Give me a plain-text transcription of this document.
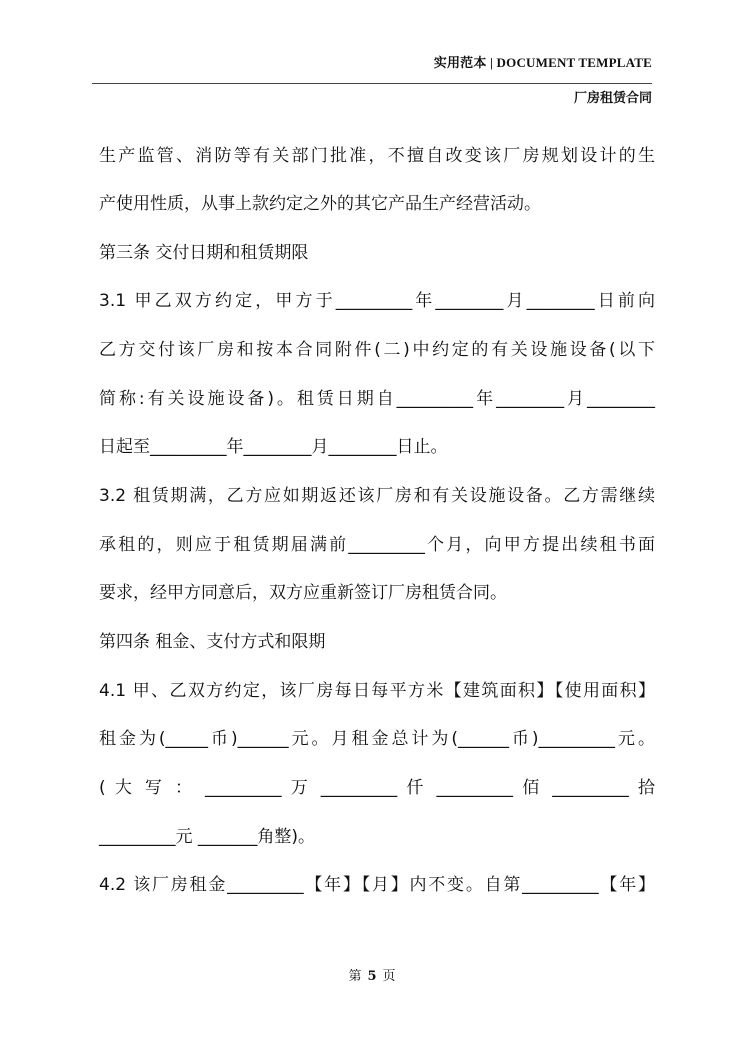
实用范本 | DOCUMENT TEMPLATE
厂房租赁合同
生产监管、消防等有关部门批准，不擅自改变该厂房规划设计的生
产使用性质，从事上款约定之外的其它产品生产经营活动。
第三条 交付日期和租赁期限
3.1 甲乙双方约定，甲方于_________年________月________日前向
乙方交付该厂房和按本合同附件(二)中约定的有关设施设备(以下
简称:有关设施设备)。租赁日期自_________年________月________
日起至_________年________月________日止。
3.2 租赁期满，乙方应如期返还该厂房和有关设施设备。乙方需继续
承租的，则应于租赁期届满前_________个月，向甲方提出续租书面
要求，经甲方同意后，双方应重新签订厂房租赁合同。
第四条 租金、支付方式和限期
4.1 甲、乙双方约定，该厂房每日每平方米【建筑面积】【使用面积】
租金为(_____币)______元。月租金总计为(______币)_________元。
( 大 写 ： _________ 万 _________ 仟 _________ 佰 _________ 拾
_________元 _______角整)。
4.2 该厂房租金_________【年】【月】内不变。自第_________【年】
第 5 页
